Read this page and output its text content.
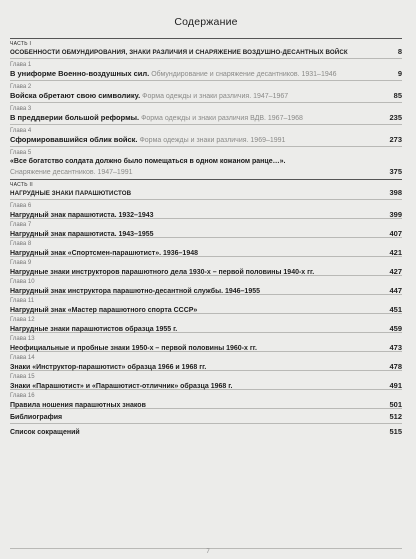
Содержание
ЧАСТЬ I
ОСОБЕННОСТИ ОБМУНДИРОВАНИЯ, ЗНАКИ РАЗЛИЧИЯ И СНАРЯЖЕНИЕ ВОЗДУШНО-ДЕСАНТНЫХ ВОЙСК	8
Глава 1
В униформе Военно-воздушных сил. Обмундирование и снаряжение десантников. 1931–1946	9
Глава 2
Войска обретают свою символику. Форма одежды и знаки различия. 1947–1967	85
Глава 3
В преддверии большой реформы. Форма одежды и знаки различия ВДВ. 1967–1968	235
Глава 4
Сформировавшийся облик войск. Форма одежды и знаки различия. 1969–1991	273
Глава 5
«Все богатство солдата должно было помещаться в одном кожаном ранце…».
Снаряжение десантников. 1947–1991	375
ЧАСТЬ II
НАГРУДНЫЕ ЗНАКИ ПАРАШЮТИСТОВ	398
Глава 6
Нагрудный знак парашютиста. 1932–1943	399
Глава 7
Нагрудный знак парашютиста. 1943–1955	407
Глава 8
Нагрудный знак «Спортсмен-парашютист». 1936–1948	421
Глава 9
Нагрудные знаки инструкторов парашютного дела 1930-х – первой половины 1940-х гг.	427
Глава 10
Нагрудный знак инструктора парашютно-десантной службы. 1946–1955	447
Глава 11
Нагрудный знак «Мастер парашютного спорта СССР»	451
Глава 12
Нагрудные знаки парашютистов образца 1955 г.	459
Глава 13
Неофициальные и пробные знаки 1950-х – первой половины 1960-х гг.	473
Глава 14
Знаки «Инструктор-парашютист» образца 1966 и 1968 гг.	478
Глава 15
Знаки «Парашютист» и «Парашютист-отличник» образца 1968 г.	491
Глава 16
Правила ношения парашютных знаков	501
Библиография	512
Список сокращений	515
7
